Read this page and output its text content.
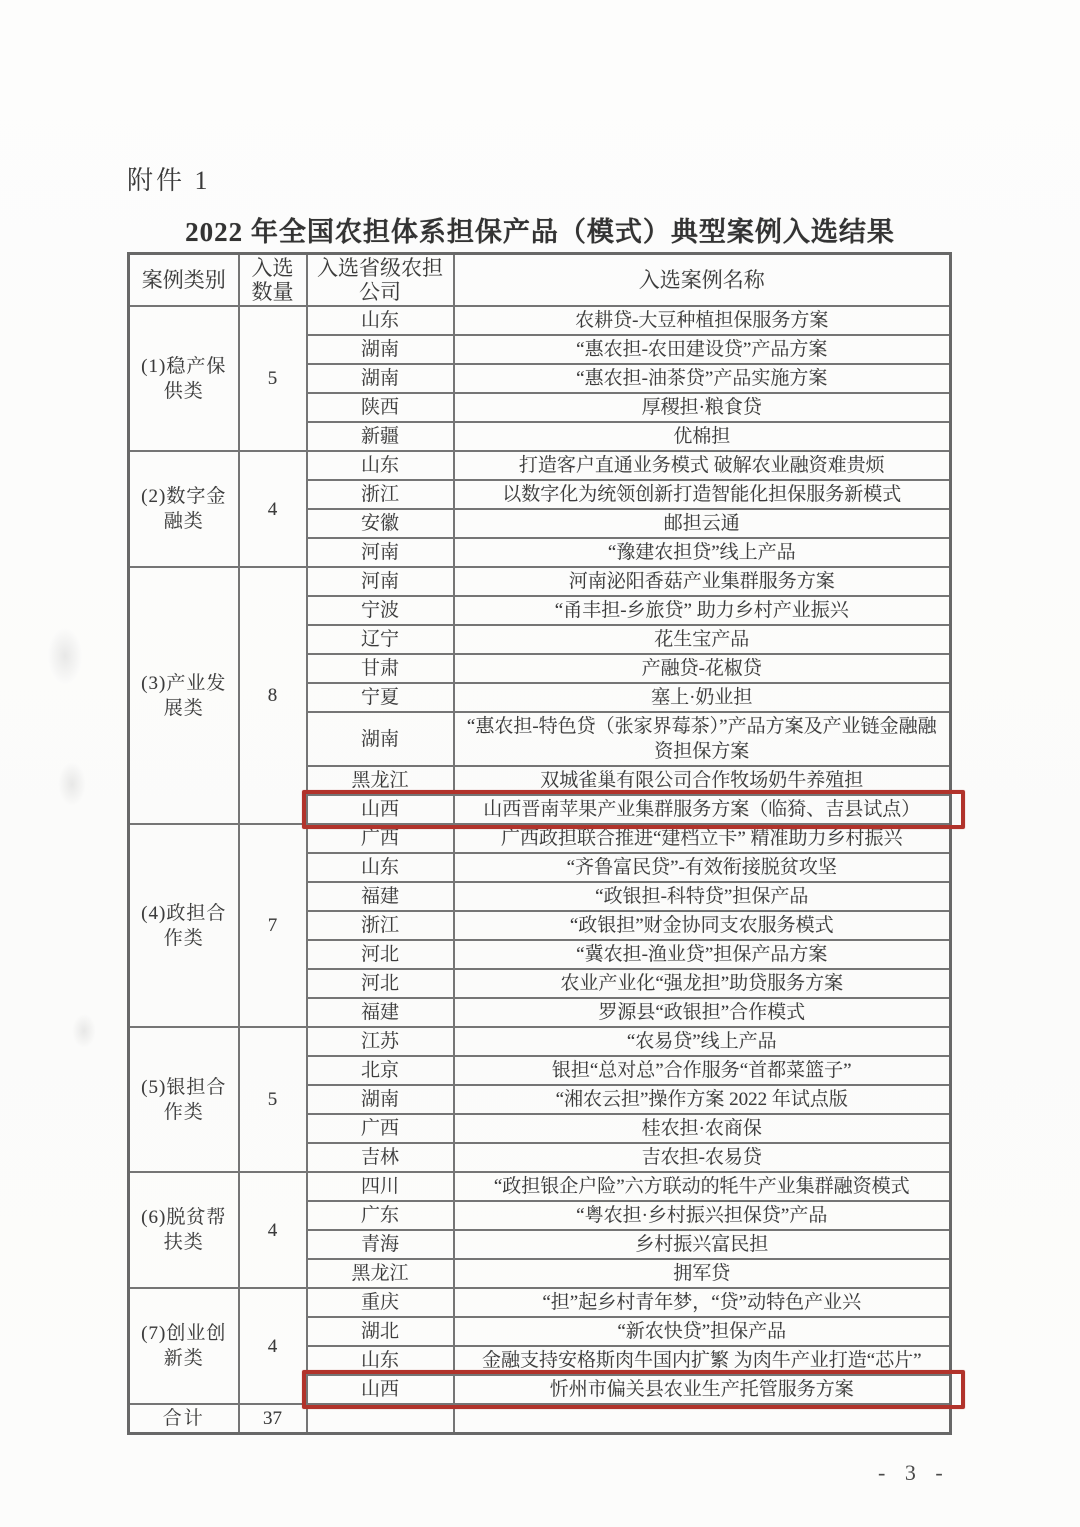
附件 1
2022 年全国农担体系担保产品（模式）典型案例入选结果
案例类别	入选数量	入选省级农担公司	入选案例名称
(1)稳产保供类	5	山东	农耕贷-大豆种植担保服务方案
		湖南	“惠农担-农田建设贷”产品方案
		湖南	“惠农担-油茶贷”产品实施方案
		陕西	厚稷担·粮食贷
		新疆	优棉担
(2)数字金融类	4	山东	打造客户直通业务模式 破解农业融资难贵烦
		浙江	以数字化为统领创新打造智能化担保服务新模式
		安徽	邮担云通
		河南	“豫建农担贷”线上产品
(3)产业发展类	8	河南	河南泌阳香菇产业集群服务方案
		宁波	“甬丰担-乡旅贷” 助力乡村产业振兴
		辽宁	花生宝产品
		甘肃	产融贷-花椒贷
		宁夏	塞上·奶业担
		湖南	“惠农担-特色贷（张家界莓茶）”产品方案及产业链金融融资担保方案
		黑龙江	双城雀巢有限公司合作牧场奶牛养殖担
		山西	山西晋南苹果产业集群服务方案（临猗、吉县试点）
(4)政担合作类	7	广西	广西政担联合推进“建档立卡” 精准助力乡村振兴
		山东	“齐鲁富民贷”-有效衔接脱贫攻坚
		福建	“政银担-科特贷”担保产品
		浙江	“政银担”财金协同支农服务模式
		河北	“冀农担-渔业贷”担保产品方案
		河北	农业产业化“强龙担”助贷服务方案
		福建	罗源县“政银担”合作模式
(5)银担合作类	5	江苏	“农易贷”线上产品
		北京	银担“总对总”合作服务“首都菜篮子”
		湖南	“湘农云担”操作方案 2022 年试点版
		广西	桂农担·农商保
		吉林	吉农担-农易贷
(6)脱贫帮扶类	4	四川	“政担银企户险”六方联动的牦牛产业集群融资模式
		广东	“粤农担·乡村振兴担保贷”产品
		青海	乡村振兴富民担
		黑龙江	拥军贷
(7)创业创新类	4	重庆	“担”起乡村青年梦，“贷”动特色产业兴
		湖北	“新农快贷”担保产品
		山东	金融支持安格斯肉牛国内扩繁 为肉牛产业打造“芯片”
		山西	忻州市偏关县农业生产托管服务方案
合计	37		
- 3 -
